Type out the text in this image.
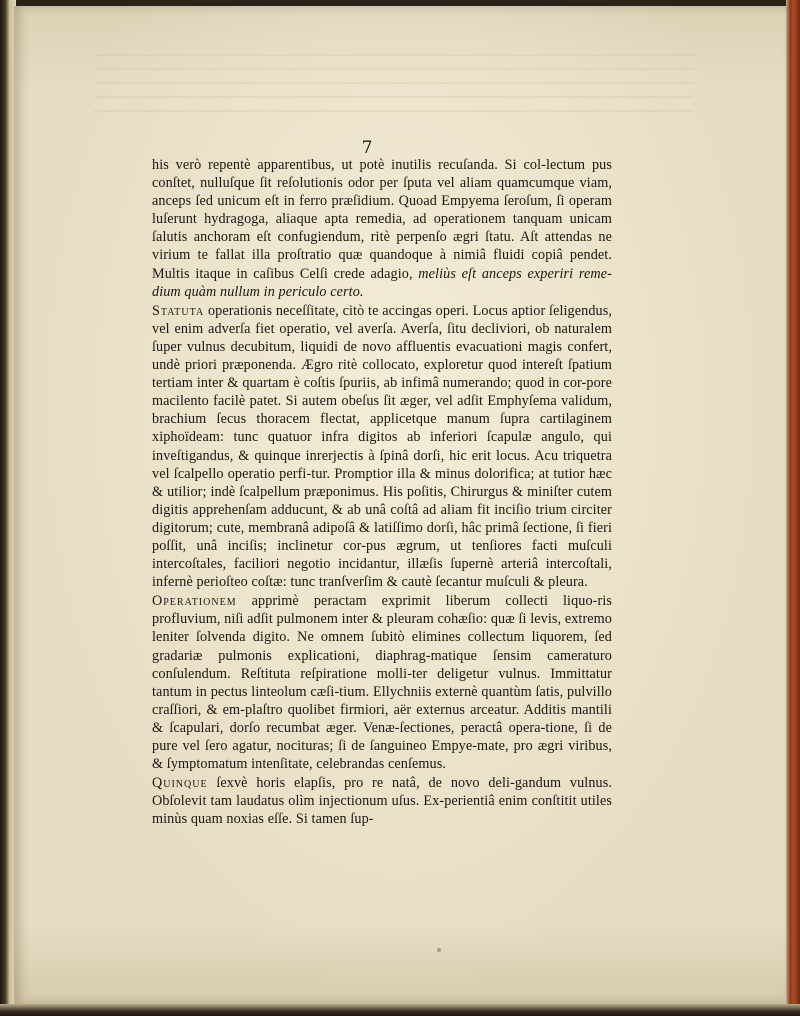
7

his verò repentè apparentibus, ut potè inutilis recuſanda. Si col-lectum pus conſtet, nulluſque ſit reſolutionis odor per ſputa vel aliam quamcumque viam, anceps ſed unicum eſt in ferro præſidium. Quoad Empyema ſeroſum, ſi operam luſerunt hydragoga, aliaque apta remedia, ad operationem tanquam unicam ſalutis anchoram eſt confugiendum, ritè perpenſo ægri ſtatu. Aſt attendas ne virium te fallat illa proſtratio quæ quandoque à nimiâ fluidi copiâ pendet. Multis itaque in caſibus Celſi crede adagio, meliùs eſt anceps experiri reme-dium quàm nullum in periculo certo.

Statuta operationis neceſſitate, citò te accingas operi. Locus aptior ſeligendus, vel enim adverſa fiet operatio, vel averſa. Averſa, ſitu decliviori, ob naturalem ſuper vulnus decubitum, liquidi de novo affluentis evacuationi magis confert, undè priori præponenda. Ægro ritè collocato, exploretur quod intereſt ſpatium tertiam inter & quartam è coſtis ſpuriis, ab infimâ numerando; quod in cor-pore macilento facilè patet. Si autem obeſus ſit æger, vel adſit Emphyſema validum, brachium ſecus thoracem flectat, applicetque manum ſupra cartilaginem xiphoïdeam: tunc quatuor infra digitos ab inferiori ſcapulæ angulo, qui inveſtigandus, & quinque inrerjectis à ſpinâ dorſi, hic erit locus. Acu triquetra vel ſcalpello operatio perfi-tur. Promptior illa & minus dolorifica; at tutior hæc & utilior; indè ſcalpellum præponimus. His poſitis, Chirurgus & miniſter cutem digitis apprehenſam adducunt, & ab unâ coſtâ ad aliam fit inciſio trium circiter digitorum; cute, membranâ adipoſâ & latiſſimo dorſi, hâc primâ ſectione, ſi fieri poſſit, unâ inciſis; inclinetur cor-pus ægrum, ut tenſiores facti muſculi intercoſtales, faciliori negotio incidantur, illæſis ſupernè arteriâ intercoſtali, infernè perioſteo coſtæ: tunc tranſverſim & cautè ſecantur muſculi & pleura.

Operationem apprimè peractam exprimit liberum collecti liquo-ris profluvium, niſi adſit pulmonem inter & pleuram cohæſio: quæ ſi levis, extremo leniter ſolvenda digito. Ne omnem ſubitò elimines collectum liquorem, ſed gradariæ pulmonis explicationi, diaphrag-matique ſensim cameraturo conſulendum. Reſtituta reſpiratione molli-ter deligetur vulnus. Immittatur tantum in pectus linteolum cæſi-tium. Ellychniis externè quantùm ſatis, pulvillo craſſiori, & em-plaſtro quolibet firmiori, aër externus arceatur. Additis mantili & ſcapulari, dorſo recumbat æger. Venæ-ſectiones, peractâ opera-tione, ſi de pure vel ſero agatur, nocituras; ſi de ſanguineo Empye-mate, pro ægri viribus, & ſymptomatum intenſitate, celebrandas cenſemus.

Quinque ſexvè horis elapſis, pro re natâ, de novo deli-gandum vulnus. Obſolevit tam laudatus olìm injectionum uſus. Ex-perientiâ enim conſtitit utiles minùs quam noxias eſſe. Si tamen ſup-
